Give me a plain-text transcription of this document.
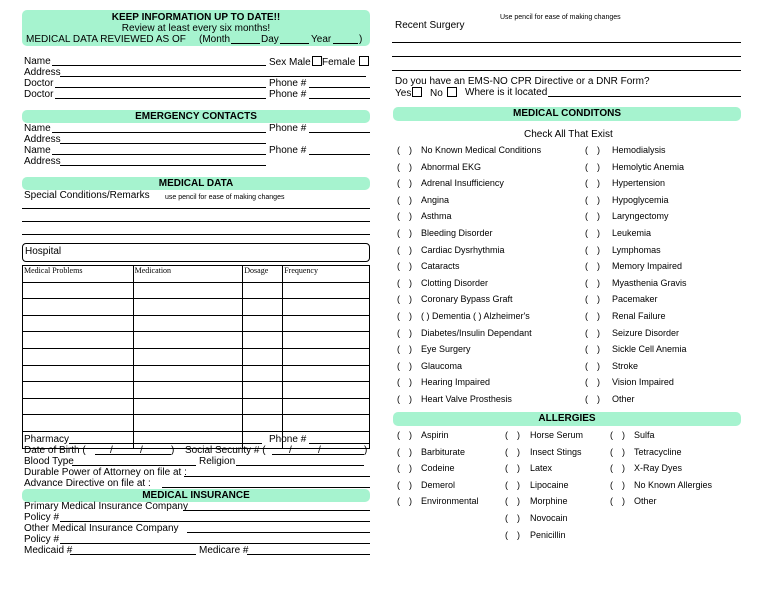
KEEP INFORMATION UP TO DATE!!
Review at least every six months!
MEDICAL DATA REVIEWED AS OF (Month	Day	Year	)
Name	Sex Male	Female
Address
Doctor	Phone #
Doctor	Phone #
EMERGENCY CONTACTS
Name	Phone #
Address
Name	Phone #
Address
MEDICAL DATA
Special Conditions/Remarks use pencil for ease of making changes
Hospital
Medical Problems	Medication	Dosage	Frequency

Pharmacy	Phone #
Date of Birth ( /	/	) Social Security # ( /	/	)
Blood Type	Religion
Durable Power of Attorney on file at :
Advance Directive on file at :
MEDICAL INSURANCE
Primary Medical Insurance Company
Policy #
Other Medical Insurance Company
Policy #
Medicaid #	Medicare #
Use pencil for ease of making changes
Recent Surgery
Do you have an EMS-NO CPR Directive or a DNR Form?
Yes	No	Where is it located
MEDICAL CONDITONS
Check All That Exist
( ) No Known Medical Conditions
( ) Abnormal EKG
( ) Adrenal Insufficiency
( ) Angina
( ) Asthma
( ) Bleeding Disorder
( ) Cardiac Dysrhythmia
( ) Cataracts
( ) Clotting Disorder
( ) Coronary Bypass Graft
( ) ( ) Dementia ( ) Alzheimer's
( ) Diabetes/Insulin Dependant
( ) Eye Surgery
( ) Glaucoma
( ) Hearing Impaired
( ) Heart Valve Prosthesis
( ) Hemodialysis
( ) Hemolytic Anemia
( ) Hypertension
( ) Hypoglycemia
( ) Laryngectomy
( ) Leukemia
( ) Lymphomas
( ) Memory Impaired
( ) Myasthenia Gravis
( ) Pacemaker
( ) Renal Failure
( ) Seizure Disorder
( ) Sickle Cell Anemia
( ) Stroke
( ) Vision Impaired
( ) Other
ALLERGIES
( ) Aspirin
( ) Barbiturate
( ) Codeine
( ) Demerol
( ) Environmental
( ) Horse Serum
( ) Insect Stings
( ) Latex
( ) Lipocaine
( ) Morphine
( ) Novocain
( ) Penicillin
( ) Sulfa
( ) Tetracycline
( ) X-Ray Dyes
( ) No Known Allergies
( ) Other
